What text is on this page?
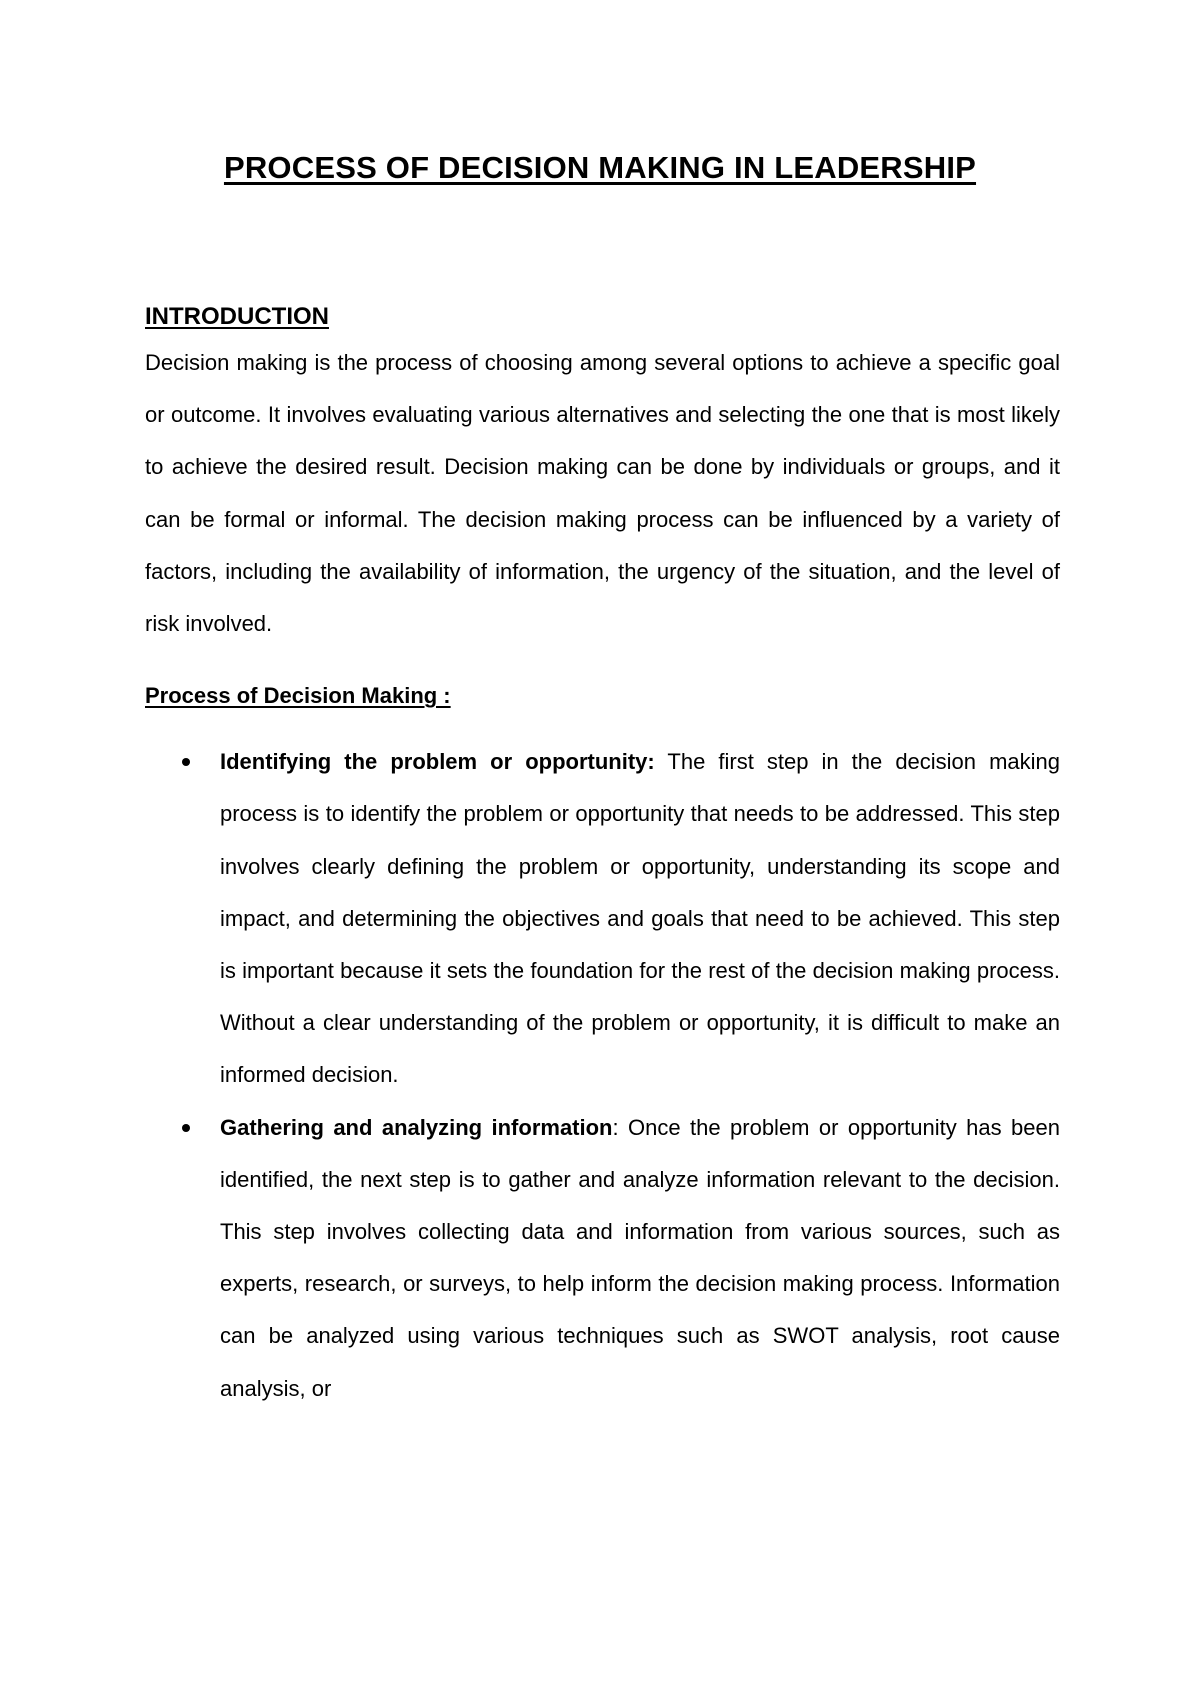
PROCESS OF DECISION MAKING IN LEADERSHIP
INTRODUCTION

Decision making is the process of choosing among several options to achieve a specific goal or outcome. It involves evaluating various alternatives and selecting the one that is most likely to achieve the desired result. Decision making can be done by individuals or groups, and it can be formal or informal. The decision making process can be influenced by a variety of factors, including the availability of information, the urgency of the situation, and the level of risk involved.

Process of Decision Making :
Identifying the problem or opportunity: The first step in the decision making process is to identify the problem or opportunity that needs to be addressed. This step involves clearly defining the problem or opportunity, understanding its scope and impact, and determining the objectives and goals that need to be achieved. This step is important because it sets the foundation for the rest of the decision making process. Without a clear understanding of the problem or opportunity, it is difficult to make an informed decision.
Gathering and analyzing information: Once the problem or opportunity has been identified, the next step is to gather and analyze information relevant to the decision. This step involves collecting data and information from various sources, such as experts, research, or surveys, to help inform the decision making process. Information can be analyzed using various techniques such as SWOT analysis, root cause analysis, or
